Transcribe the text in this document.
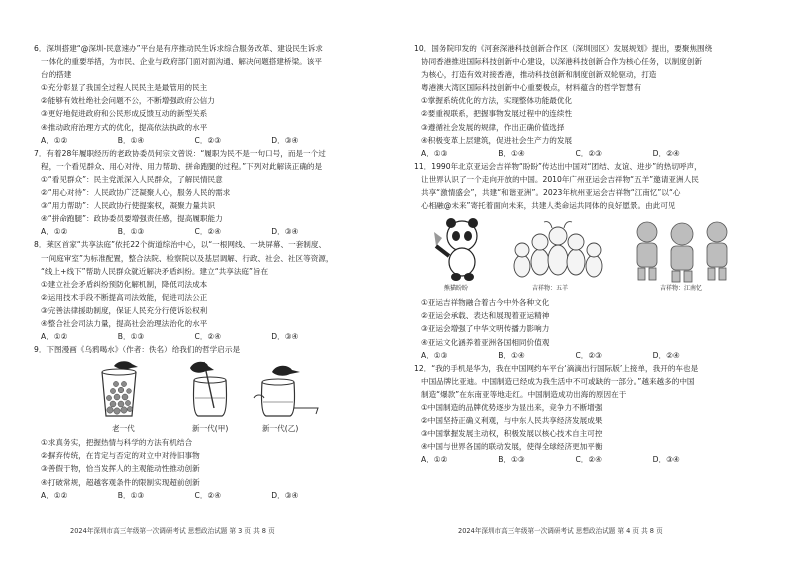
6．深圳搭建“@深圳-民意速办”平台是有序推动民生诉求综合服务改革、建设民生诉求
一体化的重要举措，为市民、企业与政府部门面对面沟通、解决问题搭建桥梁。该平
台的搭建
①充分彰显了我国全过程人民民主是最管用的民主
②能够有效杜绝社会问题不公，不断增强政府公信力
③更好地促进政府和公民形成反馈互动的新型关系
④推动政府治理方式的优化，提高依法执政的水平
A．①②	B．①④	C．②③	D．③④
7．有着28年履职经历的老政协委员何宗文曾说：“履职为民不是一句口号，而是一个过
程，一个看见群众、用心对待、用力帮助、拼命跑腿的过程。”下列对此解读正确的是
①“看见群众”：民主党派深入人民群众，了解民情民意
②“用心对待”：人民政协广泛凝聚人心，服务人民的需求
③“用力帮助”：人民政协行使提案权，凝聚力量共识
④“拼命跑腿”：政协委员要增强责任感，提高履职能力
A．①②	B．①③	C．②④	D．③④
8．莱区首家“共享法庭”依托22个街道综治中心，以“一根网线、一块屏幕、一套制度、
一间庭审室”为标准配置，整合法院、检察院以及基层调解、行政、社会、社区等资源，
“线上+线下”帮助人民群众就近解决矛盾纠纷。建立“共享法庭”旨在
①建立社会矛盾纠纷预防化解机制，降低司法成本
②运用技术手段不断提高司法效能，促进司法公正
③完善法律援助制度，保证人民充分行使诉讼权利
④整合社会司法力量，提高社会治理法治化的水平
A．①②	B．①③	C．②④	D．③④
9．下图漫画《乌鸦喝水》（作者：佚名）给我们的哲学启示是
老一代	新一代(甲)	新一代(乙)
①求真务实，把握热情与科学的方法有机结合
②摒弃传统，在肯定与否定的对立中对待旧事物
③善假于物，恰当发挥人的主观能动性推动创新
④打破常规，超越客观条件的限制实现超前创新
A．①②	B．①③	C．②④	D．③④
10．国务院印发的《河套深港科技创新合作区（深圳园区）发展规划》提出，要聚焦围绕
协同香港推进国际科技创新中心建设，以深港科技创新合作为核心任务，以制度创新
为核心，打造有效对接香港，推动科技创新和制度创新双轮驱动，打造
粤港澳大湾区国际科技创新中心重要极点，材料蕴含的哲学智慧有
①掌握系统优化的方法，实现整体功能最优化
②要重视联系，把握事物发展过程中的连续性
③遵循社会发展的规律，作出正确价值选择
④积极变革上层建筑，促进社会生产力的发展
A．①③	B．①④	C．②③	D．②④
11．1990年北京亚运会吉祥物“盼盼”传达出中国对“团结、友谊、进步”的热切呼声，
让世界认识了一个走向开放的中国。2010年广州亚运会吉祥物“五羊”邀请亚洲人民
共享“激情盛会”，共建“和谐亚洲”。2023年杭州亚运会吉祥物“江南忆”以“心
心相融@未来”寄托着面向未来，共建人类命运共同体的良好愿景。由此可见
熊猫盼盼	吉祥物：五羊	吉祥物：江南忆
①亚运吉祥物融合着古今中外各种文化
②亚运会承载、表达和展现着亚运精神
③亚运会增强了中华文明传播力影响力
④亚运文化涵养着亚洲各国相同价值观
A．①③	B．①④	C．②③	D．②④
12．“我的手机是华为，我在中国网约车平台‘滴滴出行国际版’上接单，我开的车也是
中国品牌比亚迪。中国制造已经成为我生活中不可或缺的一部分。”越来越多的中国
制造“爆款”在东南亚等地走红。中国制造成功出海的原因在于
①中国制造的品牌优势逐步为显出来，竞争力不断增强
②中国坚持正确义利观，与中东人民共享经济发展成果
③中国掌握发展主动权，积极发展以核心技术自主可控
④中国与世界各国的联动发展，使得全球经济更加平衡
A．①②	B．①③	C．②④	D．③④
2024年深圳市高三年级第一次调研考试 思想政治试题 第 3 页 共 8 页	2024年深圳市高三年级第一次调研考试 思想政治试题 第 4 页 共 8 页
